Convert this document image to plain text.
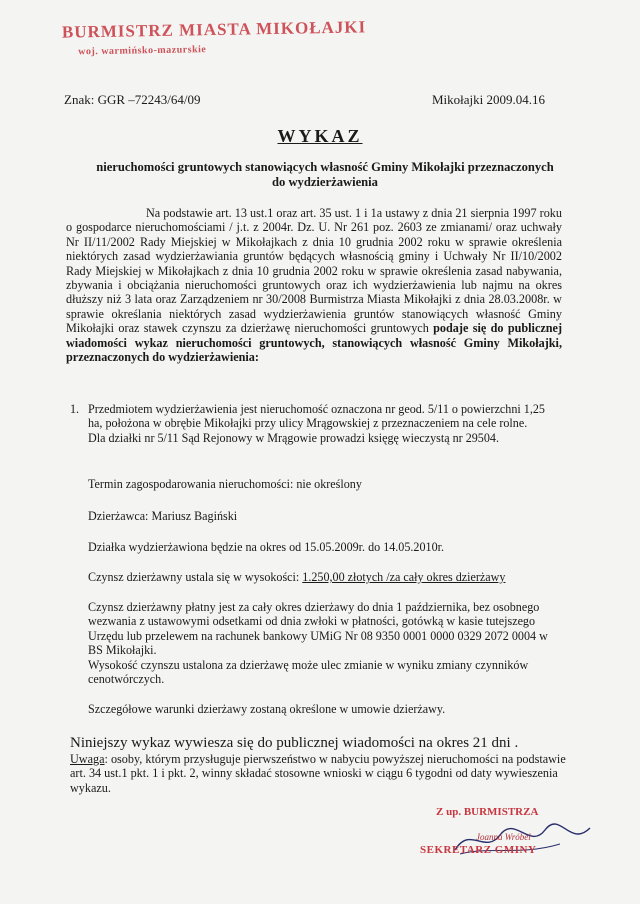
BURMISTRZ MIASTA MIKOŁAJKI
woj. warmińsko-mazurskie
Znak: GGR –72243/64/09	Mikołajki 2009.04.16
WYKAZ
nieruchomości gruntowych stanowiących własność Gminy Mikołajki przeznaczonych do wydzierżawienia
Na podstawie art. 13 ust.1 oraz art. 35 ust. 1 i 1a ustawy z dnia 21 sierpnia 1997 roku o gospodarce nieruchomościami / j.t. z 2004r. Dz. U. Nr 261 poz. 2603 ze zmianami/ oraz uchwały Nr II/11/2002 Rady Miejskiej w Mikołajkach z dnia 10 grudnia 2002 roku w sprawie określenia niektórych zasad wydzierżawiania gruntów będących własnością gminy i Uchwały Nr II/10/2002 Rady Miejskiej w Mikołajkach z dnia 10 grudnia 2002 roku w sprawie określenia zasad nabywania, zbywania i obciążania nieruchomości gruntowych oraz ich wydzierżawienia lub najmu na okres dłuższy niż 3 lata oraz Zarządzeniem nr 30/2008 Burmistrza Miasta Mikołajki z dnia 28.03.2008r. w sprawie określania niektórych zasad wydzierżawienia gruntów stanowiących własność Gminy Mikołajki oraz stawek czynszu za dzierżawę nieruchomości gruntowych podaje się do publicznej wiadomości wykaz nieruchomości gruntowych, stanowiących własność Gminy Mikołajki, przeznaczonych do wydzierżawienia:
1. Przedmiotem wydzierżawienia jest nieruchomość oznaczona nr geod. 5/11 o powierzchni 1,25 ha, położona w obrębie Mikołajki przy ulicy Mrągowskiej z przeznaczeniem na cele rolne.
Dla działki nr 5/11 Sąd Rejonowy w Mrągowie prowadzi księgę wieczystą nr 29504.
Termin zagospodarowania nieruchomości: nie określony
Dzierżawca: Mariusz Bagiński
Działka wydzierżawiona będzie na okres od 15.05.2009r. do 14.05.2010r.
Czynsz dzierżawny ustala się w wysokości: 1.250,00 złotych /za cały okres dzierżawy
Czynsz dzierżawny płatny jest za cały okres dzierżawy do dnia 1 października, bez osobnego wezwania z ustawowymi odsetkami od dnia zwłoki w płatności, gotówką w kasie tutejszego Urzędu lub przelewem na rachunek bankowy UMiG Nr 08 9350 0001 0000 0329 2072 0004 w BS Mikołajki.
Wysokość czynszu ustalona za dzierżawę może ulec zmianie w wyniku zmiany czynników cenotwórczych.
Szczegółowe warunki dzierżawy zostaną określone w umowie dzierżawy.
Niniejszy wykaz wywiesza się do publicznej wiadomości na okres 21 dni .
Uwaga: osoby, którym przysługuje pierwszeństwo w nabyciu powyższej nieruchomości na podstawie art. 34 ust.1 pkt. 1 i pkt. 2, winny składać stosowne wnioski w ciągu 6 tygodni od daty wywieszenia wykazu.
Z up. BURMISTRZA
Joanna Wróbel
SEKRETARZ GMINY
